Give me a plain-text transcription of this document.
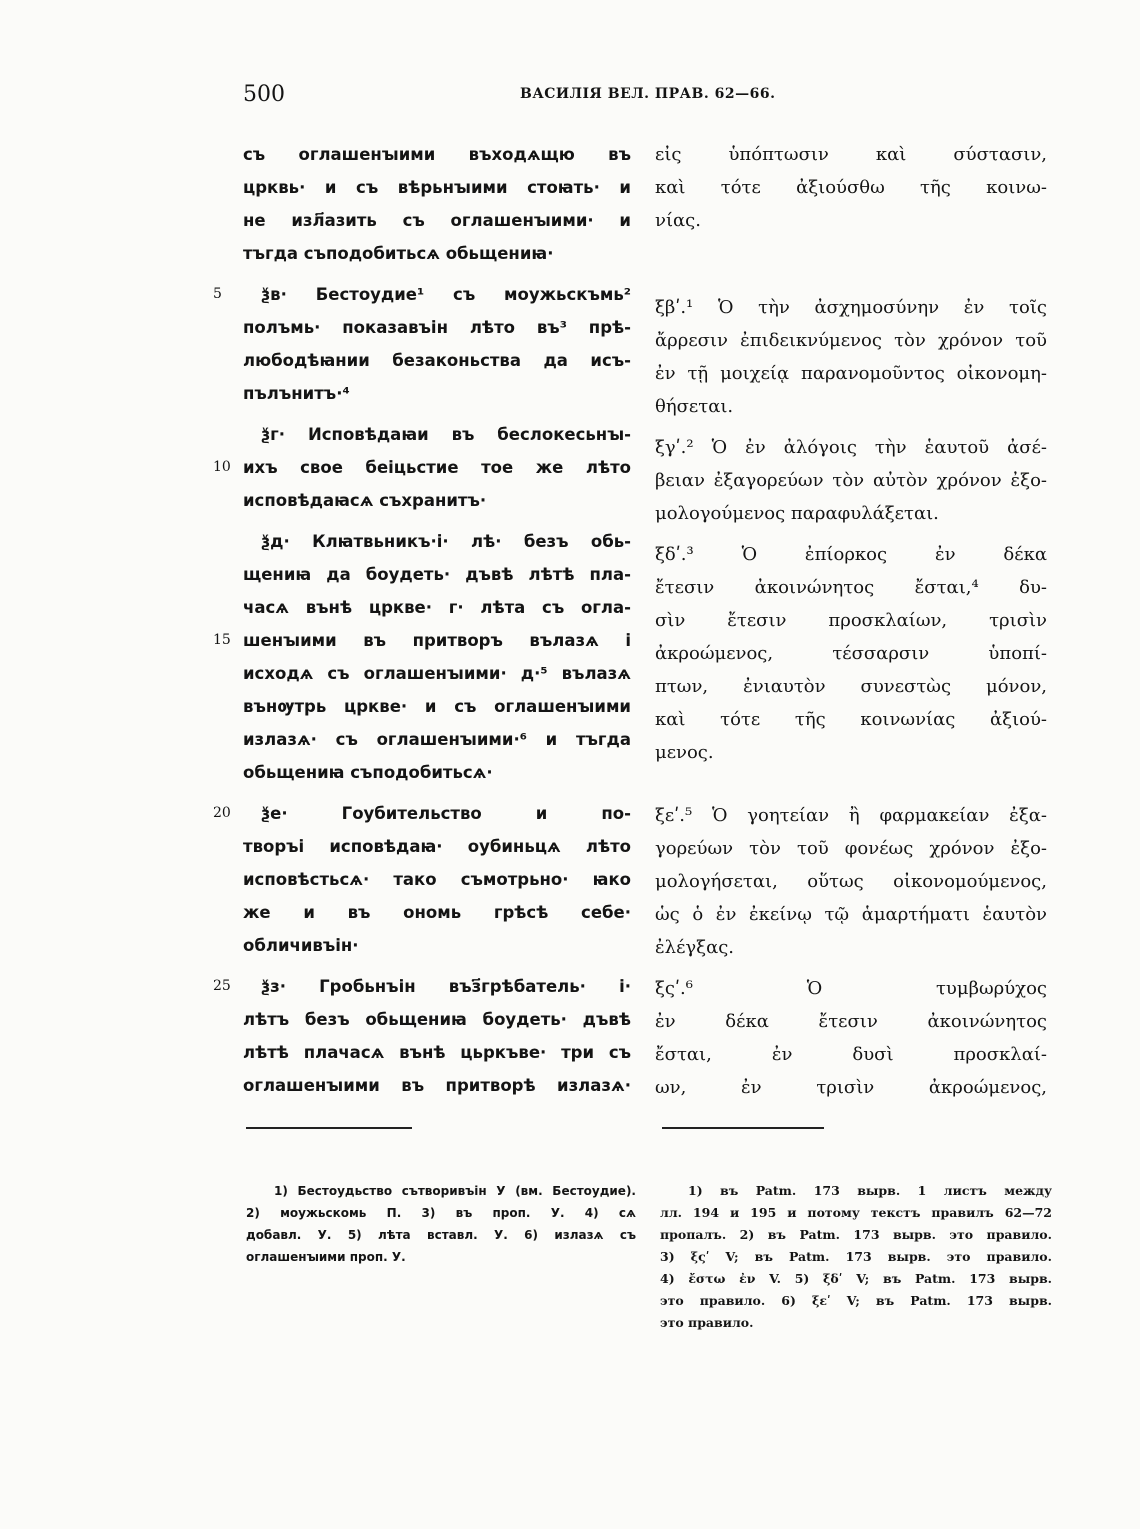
500	ВАСИЛІЯ ВЕЛ. ПРАВ. 62—66.
съ оглашенꙑими въходѧщю въ
црквь· и съ вѣрьнꙑими стоꙗть· и
не изл҃азить съ оглашенꙑими· и
тъгда съподобитьсѧ обьщениꙗ·
5	ѯв· Бестоудие¹ съ моужьскъмь²
полъмь· показавъін лѣто въ³ прѣ-
любодѣꙗнии безаконьства да исъ-
пълънитъ·⁴
ѯг· Исповѣдаꙗи въ беслокесьнꙑ-
10 ихъ свое беіцьстие тое же лѣто
исповѣдаꙗсѧ съхранитъ·
ѯд· Клꙗтвьникъ·і· лѣ· безъ обь-
щениꙗ да боудеть· дъвѣ лѣтѣ пла-
часѧ вънѣ цркве· г· лѣта съ огла-
15 шенꙑими въ притворъ вълазѧ і
исходѧ съ оглашенꙑими· д·⁵ вълазѧ
вънѹтрь цркве· и съ оглашенꙑими
излазѧ· съ оглашенꙑими·⁶ и тъгда
обьщениꙗ съподобитьсѧ·
20 ѯе· Гоубительство и по-
творъі исповѣдаꙗ· оубиньцѧ лѣто
исповѣстьсѧ· тако съмотрьно· ꙗко
же и въ ономь грѣсѣ себе·
обличивъін·
25 ѯз· Гробьнъін въз҃грѣбатель· і·
лѣтъ безъ обьщениꙗ боудеть· дъвѣ
лѣтѣ плачасѧ вънѣ цьркъве· три съ
оглашенꙑими въ притворѣ излазѧ·
εἰς ὑπόπτωσιν καὶ σύστασιν,
καὶ τότε ἀξιούσθω τῆς κοινω-
νίας.
ξβʹ.¹ Ὁ τὴν ἀσχημοσύνην ἐν τοῖς
ἄρρεσιν ἐπιδεικνύμενος τὸν χρόνον τοῦ
ἐν τῇ μοιχείᾳ παρανομοῦντος οἰκονομη-
θήσεται.
ξγʹ.² Ὁ ἐν ἀλόγοις τὴν ἑαυτοῦ ἀσέ-
βειαν ἐξαγορεύων τὸν αὐτὸν χρόνον ἐξο-
μολογούμενος παραφυλάξεται.
ξδʹ.³ Ὁ ἐπίορκος ἐν δέκα
ἔτεσιν ἀκοινώνητος ἔσται,⁴ δυ-
σὶν ἔτεσιν προσκλαίων, τρισὶν
ἀκροώμενος, τέσσαρσιν ὑποπί-
πτων, ἐνιαυτὸν συνεστὼς μόνον,
καὶ τότε τῆς κοινωνίας ἀξιού-
μενος.
ξεʹ.⁵ Ὁ γοητείαν ἢ φαρμακείαν ἐξα-
γορεύων τὸν τοῦ φονέως χρόνον ἐξο-
μολογήσεται, οὕτως οἰκονομούμενος,
ὡς ὁ ἐν ἐκείνῳ τῷ ἁμαρτήματι ἑαυτὸν
ἐλέγξας.
ξςʹ.⁶ Ὁ τυμβωρύχος
ἐν δέκα ἔτεσιν ἀκοινώνητος
ἔσται, ἐν δυσὶ προσκλαί-
ων, ἐν τρισὶν ἀκροώμενος,
1) Бестоудьство сътворивъін У (вм. Бестоудие).
2) моужьскомь П. 3) въ проп. У. 4) сѧ
добавл. У. 5) лѣта вставл. У. 6) излазѧ съ
оглашенꙑими проп. У.
1) въ Patm. 173 вырв. 1 листъ между
лл. 194 и 195 и потому текстъ правилъ 62—72
пропалъ. 2) въ Patm. 173 вырв. это правило.
3) ξςʹ V; въ Patm. 173 вырв. это правило.
4) ἔστω ἐν V. 5) ξδʹ V; въ Patm. 173 вырв.
это правило. 6) ξεʹ V; въ Patm. 173 вырв.
это правило.
